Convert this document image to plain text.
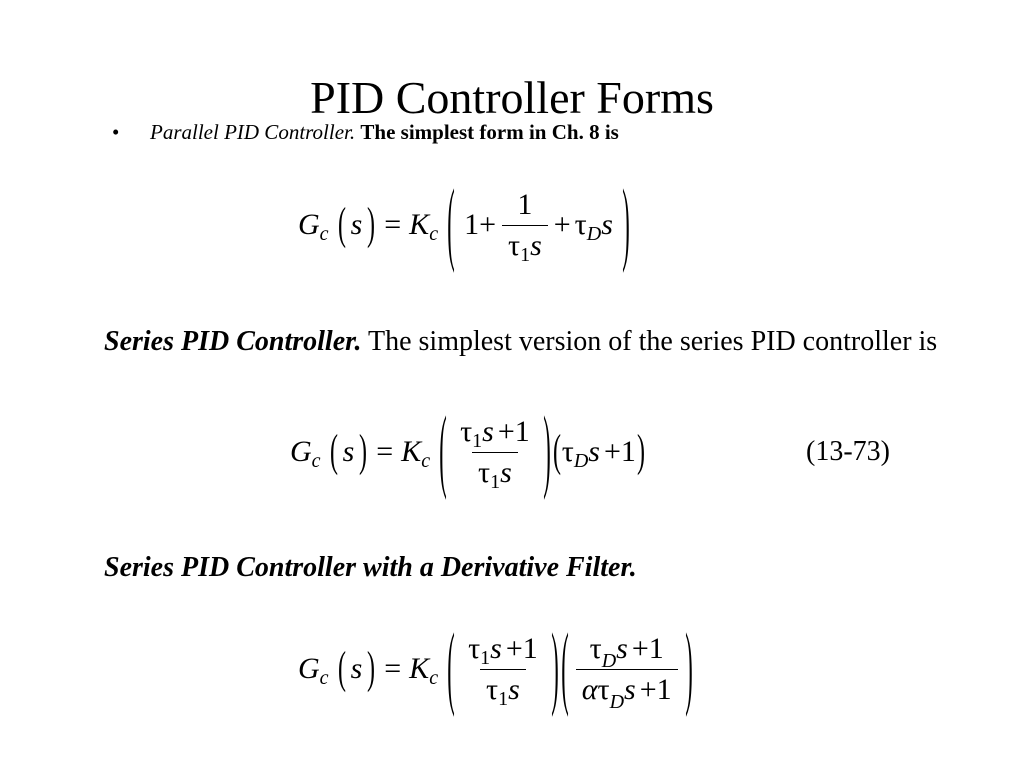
PID Controller Forms
• Parallel PID Controller. The simplest form in Ch. 8 is
G c ( s ) = K c ( $1 + \frac{1}{\tau_1s} + \tau$ D s )
Series PID Controller. The simplest version of the series PID controller is
G c ( s ) = K c ( $\frac{\tau_1s +1}{\tau_1s}$ ) ( τ D s + 1 )	(13-73)
Series PID Controller with a Derivative Filter.
G c ( s ) = K c ( $\frac{\tau_1s +1}{\tau_1s}$ ) ( $\frac{\tau_Ds +1}{\alpha\tau_Ds +1}$ )
